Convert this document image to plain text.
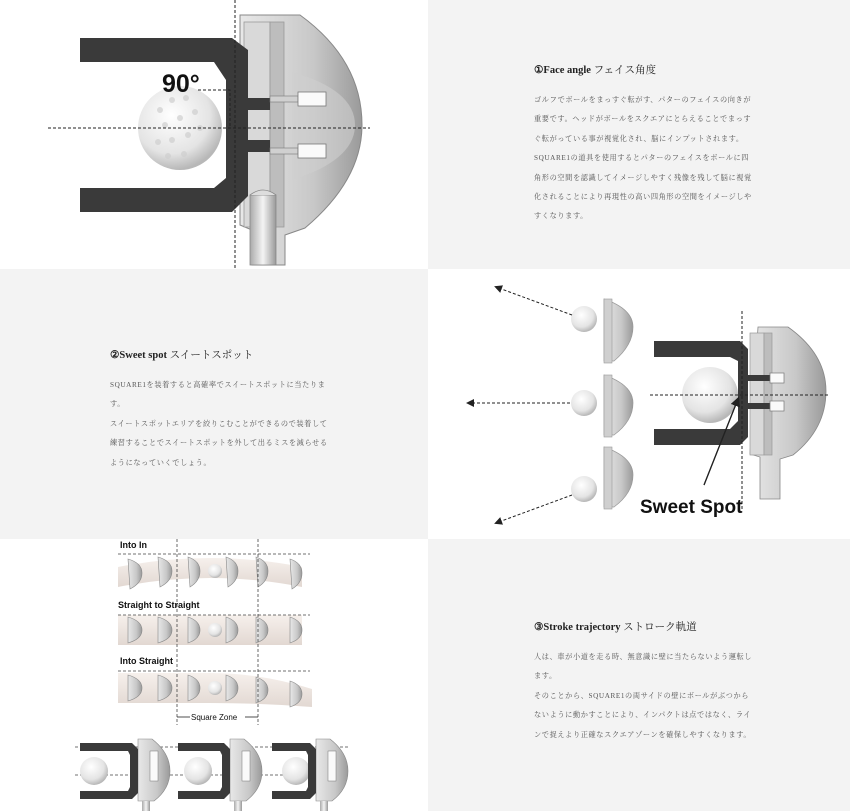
90°	①Face angle フェイス角度

ゴルフでボールをまっすぐ転がす、パターのフェイスの向きが

重要です。ヘッドがボールをスクエアにとらえることでまっす

ぐ転がっている事が視覚化され、脳にインプットされます。

SQUARE1の道具を使用するとパターのフェイスをボールに四

角形の空間を認識してイメージしやすく残像を残して脳に視覚

化されることにより再現性の高い四角形の空間をイメージしや

すくなります。

②Sweet spot スイートスポット

SQUARE1を装着すると高確率でスイートスポットに当たりま

す。

スイートスポットエリアを絞りこむことができるので装着して

練習することでスイートスポットを外して出るミスを減らせる

ようになっていくでしょう。

Sweet Spot
Into In
Straight to Straight
Into Straight
Square Zone
③Stroke trajectory ストローク軌道

人は、車が小道を走る時、無意識に壁に当たらないよう運転し

ます。

そのことから、SQUARE1の両サイドの壁にボールがぶつから

ないように動かすことにより、インパクトは点ではなく、ライ

ンで捉えより正確なスクエアゾーンを確保しやすくなります。
